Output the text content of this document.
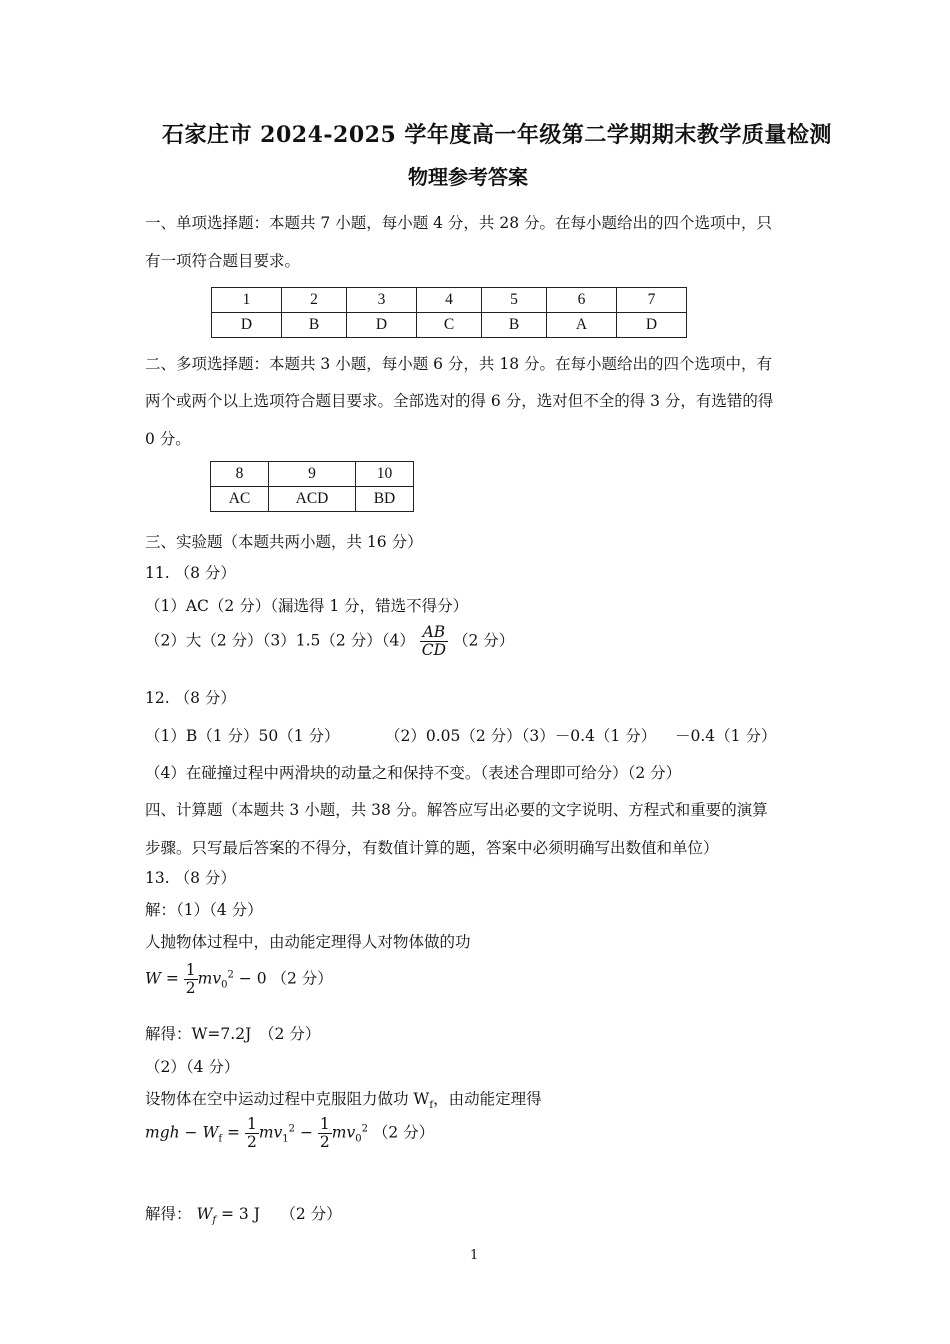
石家庄市 2024-2025 学年度高一年级第二学期期末教学质量检测
物理参考答案
一、单项选择题：本题共 7 小题，每小题 4 分，共 28 分。在每小题给出的四个选项中，只
有一项符合题目要求。
1	2	3	4	5	6	7
D	B	D	C	B	A	D
二、多项选择题：本题共 3 小题，每小题 6 分，共 18 分。在每小题给出的四个选项中，有
两个或两个以上选项符合题目要求。全部选对的得 6 分，选对但不全的得 3 分，有选错的得
0 分。
8	9	10
AC	ACD	BD
三、实验题（本题共两小题，共 16 分）
11. （8 分）
（1）AC（2 分）（漏选得 1 分，错选不得分）
（2）大（2 分）（3）1.5（2 分）$(4) \frac{AB}{CD} (2$ 分）
12. （8 分）
（1）B（1 分）50（1 分）	（2）0.05（2 分）（3）－0.4（1 分） －0.4（1 分）
（4）在碰撞过程中两滑块的动量之和保持不变。（表述合理即可给分）（2 分）
四、计算题（本题共 3 小题，共 38 分。解答应写出必要的文字说明、方程式和重要的演算
步骤。只写最后答案的不得分，有数值计算的题，答案中必须明确写出数值和单位）
13. （8 分）
解：（1）（4 分）
人抛物体过程中，由动能定理得人对物体做的功
$W = \frac{1}{2} mv_0^2 - 0$ （2 分）
解得：W=7.2J　（2 分）
（2）（4 分）
设物体在空中运动过程中克服阻力做功 $W_f$，由动能定理得
mgh − $W_f = \frac{1}{2} mv_1^2 - \frac{1}{2} mv_0^2$ （2 分）
解得： $W_f = 3$ J　 （2 分）
1
